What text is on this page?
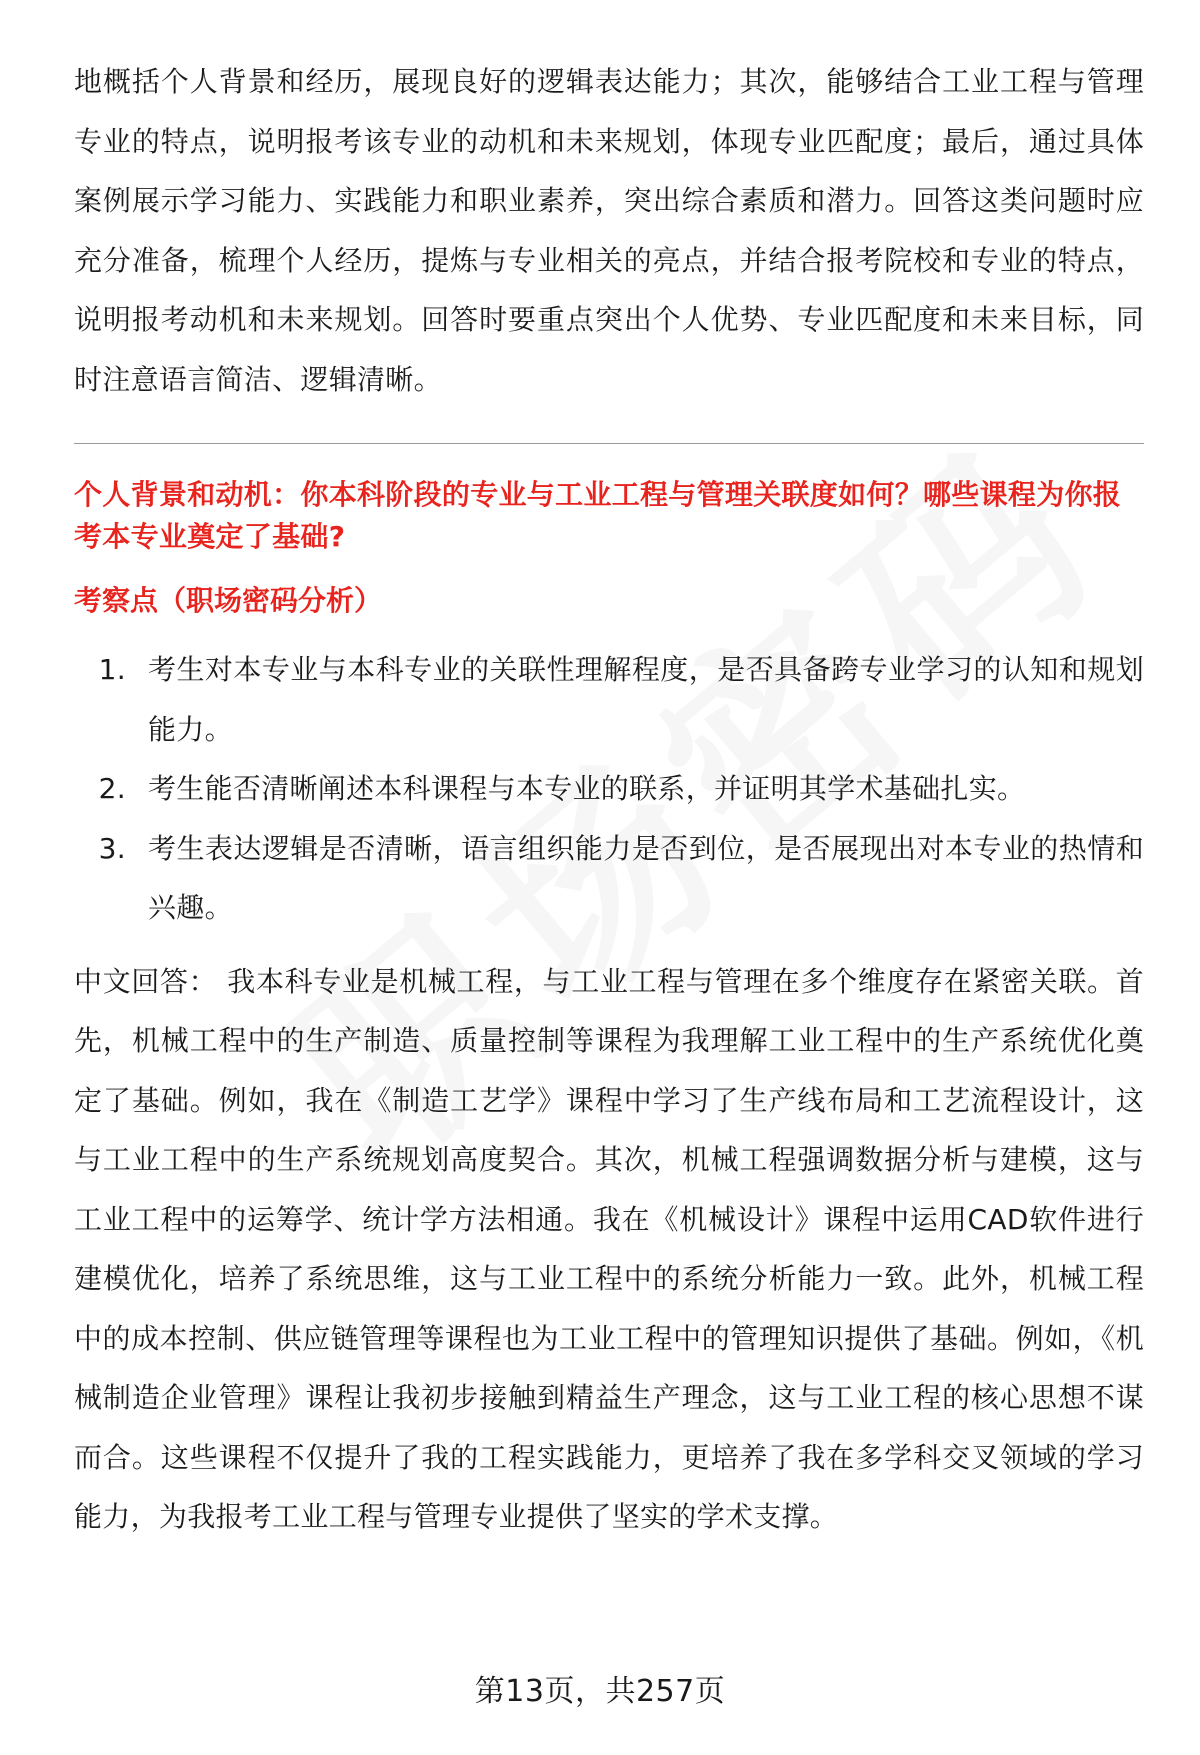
地概括个人背景和经历，展现良好的逻辑表达能力；其次，能够结合工业工程与管理专业的特点，说明报考该专业的动机和未来规划，体现专业匹配度；最后，通过具体案例展示学习能力、实践能力和职业素养，突出综合素质和潜力。回答这类问题时应充分准备，梳理个人经历，提炼与专业相关的亮点，并结合报考院校和专业的特点，说明报考动机和未来规划。回答时要重点突出个人优势、专业匹配度和未来目标，同时注意语言简洁、逻辑清晰。

个人背景和动机：你本科阶段的专业与工业工程与管理关联度如何？哪些课程为你报考本专业奠定了基础?

考察点（职场密码分析）

1. 考生对本专业与本科专业的关联性理解程度，是否具备跨专业学习的认知和规划能力。
2. 考生能否清晰阐述本科课程与本专业的联系，并证明其学术基础扎实。
3. 考生表达逻辑是否清晰，语言组织能力是否到位，是否展现出对本专业的热情和兴趣。

中文回答： 我本科专业是机械工程，与工业工程与管理在多个维度存在紧密关联。首先，机械工程中的生产制造、质量控制等课程为我理解工业工程中的生产系统优化奠定了基础。例如，我在《制造工艺学》课程中学习了生产线布局和工艺流程设计，这与工业工程中的生产系统规划高度契合。其次，机械工程强调数据分析与建模，这与工业工程中的运筹学、统计学方法相通。我在《机械设计》课程中运用CAD软件进行建模优化，培养了系统思维，这与工业工程中的系统分析能力一致。此外，机械工程中的成本控制、供应链管理等课程也为工业工程中的管理知识提供了基础。例如，《机械制造企业管理》课程让我初步接触到精益生产理念，这与工业工程的核心思想不谋而合。这些课程不仅提升了我的工程实践能力，更培养了我在多学科交叉领域的学习能力，为我报考工业工程与管理专业提供了坚实的学术支撑。

第13页，共257页
